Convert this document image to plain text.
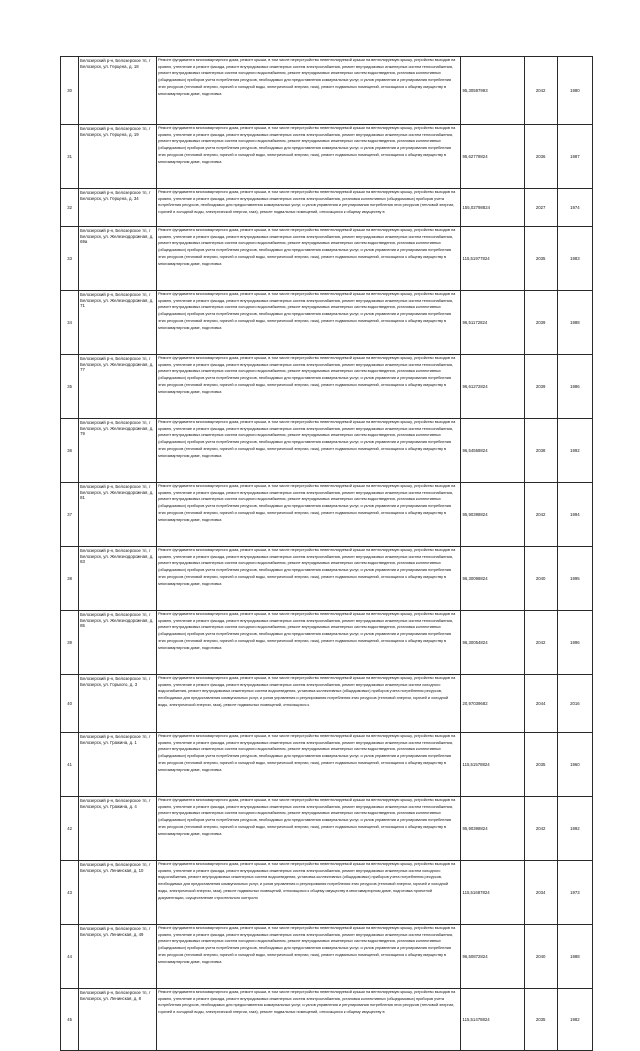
30	Белозерский р-н, Белозерское тп, г Белозерск, ул. Герцена, д. 18	Ремонт фундамента многоквартирного дома, ремонт крыши, в том числе переустройство невентилируемой крыши на вентилируемую крышу, устройство выходов на кровлю, утепление и ремонт фасада, ремонт внутридомовых инженерных систем электроснабжения, ремонт внутридомовых инженерных систем теплоснабжения, ремонт внутридомовых инженерных систем холодного водоснабжения, ремонт внутридомовых инженерных систем водоотведения, установка коллективных (общедомовых) приборов учета потребления ресурсов, необходимых для предоставления коммунальных услуг, и узлов управления и регулирования потребления этих ресурсов (тепловой энергии, горячей и холодной воды, электрической энергии, газа), ремонт подвальных помещений, относящихся к общему имуществу в многоквартирном доме, подготовка	95,30597993	2042	1980
31	Белозерский р-н, Белозерское тп, г Белозерск, ул. Герцена, д. 19	Ремонт фундамента многоквартирного дома, ремонт крыши, в том числе переустройство невентилируемой крыши на вентилируемую крышу, устройство выходов на кровлю, утепление и ремонт фасада, ремонт внутридомовых инженерных систем электроснабжения, ремонт внутридомовых инженерных систем теплоснабжения, ремонт внутридомовых инженерных систем холодного водоснабжения, ремонт внутридомовых инженерных систем водоотведения, установка коллективных (общедомовых) приборов учета потребления ресурсов, необходимых для предоставления коммунальных услуг, и узлов управления и регулирования потребления этих ресурсов (тепловой энергии, горячей и холодной воды, электрической энергии, газа), ремонт подвальных помещений, относящихся к общему имуществу в многоквартирном доме, подготовка	95,62778824	2036	1987
32	Белозерский р-н, Белозерское тп, г Белозерск, ул. Герцена, д. 34	Ремонт фундамента многоквартирного дома, ремонт крыши, в том числе переустройство невентилируемой крыши на вентилируемую крышу, устройство выходов на кровлю, утепление и ремонт фасада, ремонт внутридомовых инженерных систем электроснабжения, установка коллективных (общедомовых) приборов учета потребления ресурсов, необходимых для предоставления коммунальных услуг, и узлов управления и регулирования потребления этих ресурсов (тепловой энергии, горячей и холодной воды, электрической энергии, газа), ремонт подвальных помещений, относящихся к общему имуществу в	155,02798824	2027	1974
33	Белозерский р-н, Белозерское тп, г Белозерск, ул. Железнодорожная, д. 69а	Ремонт фундамента многоквартирного дома, ремонт крыши, в том числе переустройство невентилируемой крыши на вентилируемую крышу, устройство выходов на кровлю, утепление и ремонт фасада, ремонт внутридомовых инженерных систем электроснабжения, ремонт внутридомовых инженерных систем теплоснабжения, ремонт внутридомовых инженерных систем холодного водоснабжения, ремонт внутридомовых инженерных систем водоотведения, установка коллективных (общедомовых) приборов учета потребления ресурсов, необходимых для предоставления коммунальных услуг, и узлов управления и регулирования потребления этих ресурсов (тепловой энергии, горячей и холодной воды, электрической энергии, газа), ремонт подвальных помещений, относящихся к общему имуществу в многоквартирном доме, подготовка	115,51977824	2035	1983
34	Белозерский р-н, Белозерское тп, г Белозерск, ул. Железнодорожная, д. 71	Ремонт фундамента многоквартирного дома, ремонт крыши, в том числе переустройство невентилируемой крыши на вентилируемую крышу, устройство выходов на кровлю, утепление и ремонт фасада, ремонт внутридомовых инженерных систем электроснабжения, ремонт внутридомовых инженерных систем теплоснабжения, ремонт внутридомовых инженерных систем холодного водоснабжения, ремонт внутридомовых инженерных систем водоотведения, установка коллективных (общедомовых) приборов учета потребления ресурсов, необходимых для предоставления коммунальных услуг, и узлов управления и регулирования потребления этих ресурсов (тепловой энергии, горячей и холодной воды, электрической энергии, газа), ремонт подвальных помещений, относящихся к общему имуществу в многоквартирном доме, подготовка	96,51172824	2039	1988
35	Белозерский р-н, Белозерское тп, г Белозерск, ул. Железнодорожная, д. 77	Ремонт фундамента многоквартирного дома, ремонт крыши, в том числе переустройство невентилируемой крыши на вентилируемую крышу, устройство выходов на кровлю, утепление и ремонт фасада, ремонт внутридомовых инженерных систем электроснабжения, ремонт внутридомовых инженерных систем теплоснабжения, ремонт внутридомовых инженерных систем холодного водоснабжения, ремонт внутридомовых инженерных систем водоотведения, установка коллективных (общедомовых) приборов учета потребления ресурсов, необходимых для предоставления коммунальных услуг, и узлов управления и регулирования потребления этих ресурсов (тепловой энергии, горячей и холодной воды, электрической энергии, газа), ремонт подвальных помещений, относящихся к общему имуществу в многоквартирном доме, подготовка	96,61272824	2039	1986
36	Белозерский р-н, Белозерское тп, г Белозерск, ул. Железнодорожная, д. 79	Ремонт фундамента многоквартирного дома, ремонт крыши, в том числе переустройство невентилируемой крыши на вентилируемую крышу, устройство выходов на кровлю, утепление и ремонт фасада, ремонт внутридомовых инженерных систем электроснабжения, ремонт внутридомовых инженерных систем теплоснабжения, ремонт внутридомовых инженерных систем холодного водоснабжения, ремонт внутридомовых инженерных систем водоотведения, установка коллективных (общедомовых) приборов учета потребления ресурсов, необходимых для предоставления коммунальных услуг, и узлов управления и регулирования потребления этих ресурсов (тепловой энергии, горячей и холодной воды, электрической энергии, газа), ремонт подвальных помещений, относящихся к общему имуществу в многоквартирном доме, подготовка	96,54558824	2038	1992
37	Белозерский р-н, Белозерское тп, г Белозерск, ул. Железнодорожная, д. 81	Ремонт фундамента многоквартирного дома, ремонт крыши, в том числе переустройство невентилируемой крыши на вентилируемую крышу, устройство выходов на кровлю, утепление и ремонт фасада, ремонт внутридомовых инженерных систем электроснабжения, ремонт внутридомовых инженерных систем теплоснабжения, ремонт внутридомовых инженерных систем холодного водоснабжения, ремонт внутридомовых инженерных систем водоотведения, установка коллективных (общедомовых) приборов учета потребления ресурсов, необходимых для предоставления коммунальных услуг, и узлов управления и регулирования потребления этих ресурсов (тепловой энергии, горячей и холодной воды, электрической энергии, газа), ремонт подвальных помещений, относящихся к общему имуществу в многоквартирном доме, подготовка	95,90398824	2042	1994
38	Белозерский р-н, Белозерское тп, г Белозерск, ул. Железнодорожная, д. 83	Ремонт фундамента многоквартирного дома, ремонт крыши, в том числе переустройство невентилируемой крыши на вентилируемую крышу, устройство выходов на кровлю, утепление и ремонт фасада, ремонт внутридомовых инженерных систем электроснабжения, ремонт внутридомовых инженерных систем теплоснабжения, ремонт внутридомовых инженерных систем холодного водоснабжения, ремонт внутридомовых инженерных систем водоотведения, установка коллективных (общедомовых) приборов учета потребления ресурсов, необходимых для предоставления коммунальных услуг, и узлов управления и регулирования потребления этих ресурсов (тепловой энергии, горячей и холодной воды, электрической энергии, газа), ремонт подвальных помещений, относящихся к общему имуществу в многоквартирном доме, подготовка	96,30098824	2040	1995
39	Белозерский р-н, Белозерское тп, г Белозерск, ул. Железнодорожная, д. 85	Ремонт фундамента многоквартирного дома, ремонт крыши, в том числе переустройство невентилируемой крыши на вентилируемую крышу, устройство выходов на кровлю, утепление и ремонт фасада, ремонт внутридомовых инженерных систем электроснабжения, ремонт внутридомовых инженерных систем теплоснабжения, ремонт внутридомовых инженерных систем холодного водоснабжения, ремонт внутридомовых инженерных систем водоотведения, установка коллективных (общедомовых) приборов учета потребления ресурсов, необходимых для предоставления коммунальных услуг, и узлов управления и регулирования потребления этих ресурсов (тепловой энергии, горячей и холодной воды, электрической энергии, газа), ремонт подвальных помещений, относящихся к общему имуществу в многоквартирном доме, подготовка	96,30054824	2042	1996
40	Белозерский р-н, Белозерское тп, г Белозерск, ул. Горького, д. 3	Ремонт фундамента многоквартирного дома, ремонт крыши, в том числе переустройство невентилируемой крыши на вентилируемую крышу, устройство выходов на кровлю, утепление и ремонт фасада, ремонт внутридомовых инженерных систем электроснабжения, ремонт внутридомовых инженерных систем холодного водоснабжения, ремонт внутридомовых инженерных систем водоотведения, установка коллективных (общедомовых) приборов учета потребления ресурсов, необходимых для предоставления коммунальных услуг, и узлов управления и регулирования потребления этих ресурсов (тепловой энергии, горячей и холодной воды, электрической энергии, газа), ремонт подвальных помещений, относящихся к	20,97039682	2044	2016
41	Белозерский р-н, Белозерское тп, г Белозерск, ул. Гражина, д. 1	Ремонт фундамента многоквартирного дома, ремонт крыши, в том числе переустройство невентилируемой крыши на вентилируемую крышу, устройство выходов на кровлю, утепление и ремонт фасада, ремонт внутридомовых инженерных систем электроснабжения, ремонт внутридомовых инженерных систем теплоснабжения, ремонт внутридомовых инженерных систем холодного водоснабжения, ремонт внутридомовых инженерных систем водоотведения, установка коллективных (общедомовых) приборов учета потребления ресурсов, необходимых для предоставления коммунальных услуг, и узлов управления и регулирования потребления этих ресурсов (тепловой энергии, горячей и холодной воды, электрической энергии, газа), ремонт подвальных помещений, относящихся к общему имуществу в многоквартирном доме, подготовка	115,51578824	2035	1960
42	Белозерский р-н, Белозерское тп, г Белозерск, ул. Гражина, д. 4	Ремонт фундамента многоквартирного дома, ремонт крыши, в том числе переустройство невентилируемой крыши на вентилируемую крышу, устройство выходов на кровлю, утепление и ремонт фасада, ремонт внутридомовых инженерных систем электроснабжения, ремонт внутридомовых инженерных систем теплоснабжения, ремонт внутридомовых инженерных систем холодного водоснабжения, ремонт внутридомовых инженерных систем водоотведения, установка коллективных (общедомовых) приборов учета потребления ресурсов, необходимых для предоставления коммунальных услуг, и узлов управления и регулирования потребления этих ресурсов (тепловой энергии, горячей и холодной воды, электрической энергии, газа), ремонт подвальных помещений, относящихся к общему имуществу в многоквартирном доме, подготовка	95,90398824	2042	1992
43	Белозерский р-н, Белозерское тп, г Белозерск, ул. Ленинская, д. 10	Ремонт фундамента многоквартирного дома, ремонт крыши, в том числе переустройство невентилируемой крыши на вентилируемую крышу, устройство выходов на кровлю, утепление и ремонт фасада, ремонт внутридомовых инженерных систем электроснабжения, ремонт внутридомовых инженерных систем холодного водоснабжения, ремонт внутридомовых инженерных систем водоотведения, установка коллективных (общедомовых) приборов учета потребления ресурсов, необходимых для предоставления коммунальных услуг, и узлов управления и регулирования потребления этих ресурсов (тепловой энергии, горячей и холодной воды, электрической энергии, газа), ремонт подвальных помещений, относящихся к общему имуществу в многоквартирном доме, подготовка проектной документации, осуществление строительного контроля	115,51687824	2034	1973
44	Белозерский р-н, Белозерское тп, г Белозерск, ул. Ленинская, д. 49	Ремонт фундамента многоквартирного дома, ремонт крыши, в том числе переустройство невентилируемой крыши на вентилируемую крышу, устройство выходов на кровлю, утепление и ремонт фасада, ремонт внутридомовых инженерных систем электроснабжения, ремонт внутридомовых инженерных систем теплоснабжения, ремонт внутридомовых инженерных систем холодного водоснабжения, ремонт внутридомовых инженерных систем водоотведения, установка коллективных (общедомовых) приборов учета потребления ресурсов, необходимых для предоставления коммунальных услуг, и узлов управления и регулирования потребления этих ресурсов (тепловой энергии, горячей и холодной воды, электрической энергии, газа), ремонт подвальных помещений, относящихся к общему имуществу в многоквартирном доме, подготовка	96,50872824	2040	1988
45	Белозерский р-н, Белозерское тп, г Белозерск, ул. Ленинская, д. 8	Ремонт фундамента многоквартирного дома, ремонт крыши, в том числе переустройство невентилируемой крыши на вентилируемую крышу, устройство выходов на кровлю, утепление и ремонт фасада, ремонт внутридомовых инженерных систем электроснабжения, установка коллективных (общедомовых) приборов учета потребления ресурсов, необходимых для предоставления коммунальных услуг, и узлов управления и регулирования потребления этих ресурсов (тепловой энергии, горячей и холодной воды, электрической энергии, газа), ремонт подвальных помещений, относящихся к общему имуществу в	115,51478824	2035	1982
